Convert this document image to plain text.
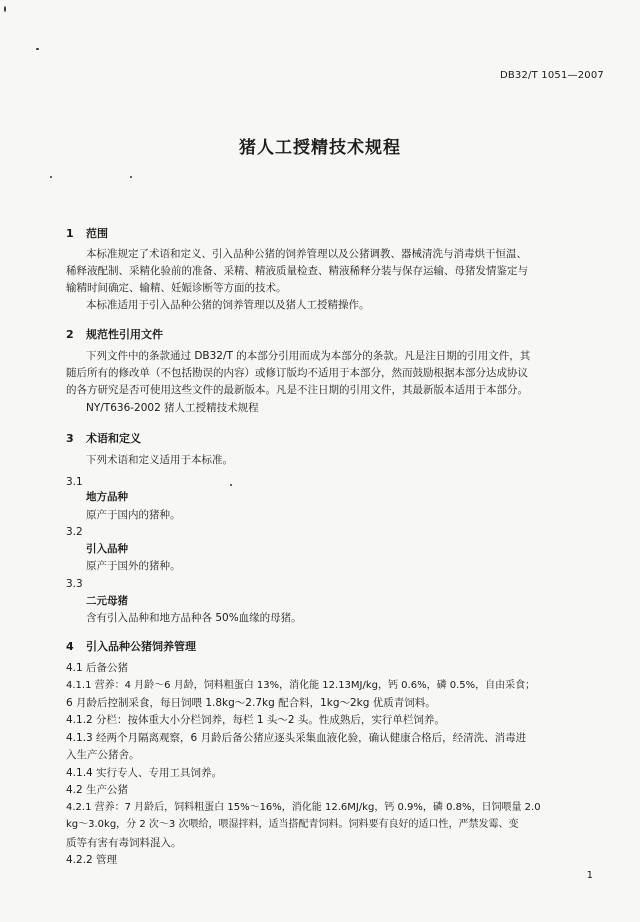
DB32/T 1051—2007
猪人工授精技术规程
1 范围
本标准规定了术语和定义、引入品种公猪的饲养管理以及公猪调教、器械清洗与消毒烘干恒温、
稀释液配制、采精化验前的准备、采精、精液质量检查、精液稀释分装与保存运输、母猪发情鉴定与
输精时间确定、输精、妊娠诊断等方面的技术。
本标准适用于引入品种公猪的饲养管理以及猪人工授精操作。
2 规范性引用文件
下列文件中的条款通过 DB32/T 的本部分引用而成为本部分的条款。凡是注日期的引用文件，其
随后所有的修改单（不包括勘误的内容）或修订版均不适用于本部分，然而鼓励根据本部分达成协议
的各方研究是否可使用这些文件的最新版本。凡是不注日期的引用文件，其最新版本适用于本部分。
NY/T636-2002 猪人工授精技术规程
3 术语和定义
下列术语和定义适用于本标准。
3.1
地方品种
原产于国内的猪种。
3.2
引入品种
原产于国外的猪种。
3.3
二元母猪
含有引入品种和地方品种各 50%血缘的母猪。
4 引入品种公猪饲养管理
4.1 后备公猪
4.1.1 营养：4 月龄～6 月龄，饲料粗蛋白 13%，消化能 12.13MJ/kg，钙 0.6%，磷 0.5%，自由采食；
6 月龄后控制采食，每日饲喂 1.8kg～2.7kg 配合料，1kg～2kg 优质青饲料。
4.1.2 分栏：按体重大小分栏饲养，每栏 1 头～2 头。性成熟后，实行单栏饲养。
4.1.3 经两个月隔离观察，6 月龄后备公猪应逐头采集血液化验，确认健康合格后，经清洗、消毒进
入生产公猪舍。
4.1.4 实行专人、专用工具饲养。
4.2 生产公猪
4.2.1 营养：7 月龄后，饲料粗蛋白 15%～16%，消化能 12.6MJ/kg，钙 0.9%，磷 0.8%，日饲喂量 2.0
kg～3.0kg，分 2 次～3 次喂给，喂湿拌料，适当搭配青饲料。饲料要有良好的适口性，严禁发霉、变
质等有害有毒饲料混入。
4.2.2 管理
1
